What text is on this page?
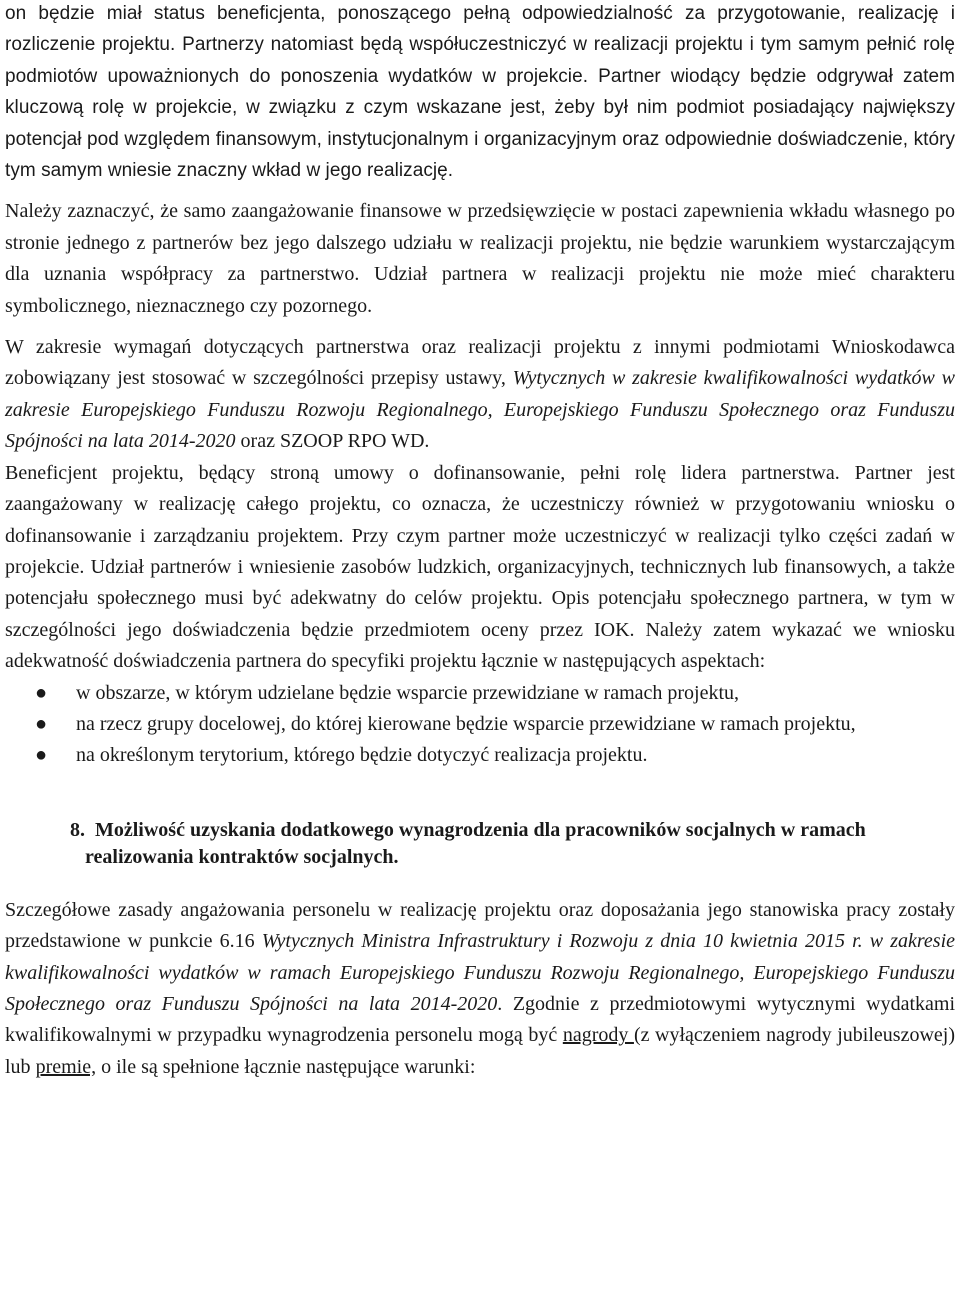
on będzie miał status beneficjenta, ponoszącego pełną odpowiedzialność za przygotowanie, realizację i rozliczenie projektu. Partnerzy natomiast będą współuczestniczyć w realizacji projektu i tym samym pełnić rolę podmiotów upoważnionych do ponoszenia wydatków w projekcie. Partner wiodący będzie odgrywał zatem kluczową rolę w projekcie, w związku z czym wskazane jest, żeby był nim podmiot posiadający największy potencjał pod względem finansowym, instytucjonalnym i organizacyjnym oraz odpowiednie doświadczenie, który tym samym wniesie znaczny wkład w jego realizację.

Należy zaznaczyć, że samo zaangażowanie finansowe w przedsięwzięcie w postaci zapewnienia wkładu własnego po stronie jednego z partnerów bez jego dalszego udziału w realizacji projektu, nie będzie warunkiem wystarczającym dla uznania współpracy za partnerstwo. Udział partnera w realizacji projektu nie może mieć charakteru symbolicznego, nieznacznego czy pozornego.

W zakresie wymagań dotyczących partnerstwa oraz realizacji projektu z innymi podmiotami Wnioskodawca zobowiązany jest stosować w szczególności przepisy ustawy, Wytycznych w zakresie kwalifikowalności wydatków w zakresie Europejskiego Funduszu Rozwoju Regionalnego, Europejskiego Funduszu Społecznego oraz Funduszu Spójności na lata 2014-2020 oraz SZOOP RPO WD.

Beneficjent projektu, będący stroną umowy o dofinansowanie, pełni rolę lidera partnerstwa. Partner jest zaangażowany w realizację całego projektu, co oznacza, że uczestniczy również w przygotowaniu wniosku o dofinansowanie i zarządzaniu projektem. Przy czym partner może uczestniczyć w realizacji tylko części zadań w projekcie. Udział partnerów i wniesienie zasobów ludzkich, organizacyjnych, technicznych lub finansowych, a także potencjału społecznego musi być adekwatny do celów projektu. Opis potencjału społecznego partnera, w tym w szczególności jego doświadczenia będzie przedmiotem oceny przez IOK. Należy zatem wykazać we wniosku adekwatność doświadczenia partnera do specyfiki projektu łącznie w następujących aspektach:

● w obszarze, w którym udzielane będzie wsparcie przewidziane w ramach projektu,
● na rzecz grupy docelowej, do której kierowane będzie wsparcie przewidziane w ramach projektu,
● na określonym terytorium, którego będzie dotyczyć realizacja projektu.
8. Możliwość uzyskania dodatkowego wynagrodzenia dla pracowników socjalnych w ramach realizowania kontraktów socjalnych.

Szczegółowe zasady angażowania personelu w realizację projektu oraz doposażania jego stanowiska pracy zostały przedstawione w punkcie 6.16 Wytycznych Ministra Infrastruktury i Rozwoju z dnia 10 kwietnia 2015 r. w zakresie kwalifikowalności wydatków w ramach Europejskiego Funduszu Rozwoju Regionalnego, Europejskiego Funduszu Społecznego oraz Funduszu Spójności na lata 2014-2020. Zgodnie z przedmiotowymi wytycznymi wydatkami kwalifikowalnymi w przypadku wynagrodzenia personelu mogą być nagrody (z wyłączeniem nagrody jubileuszowej) lub premie, o ile są spełnione łącznie następujące warunki:
